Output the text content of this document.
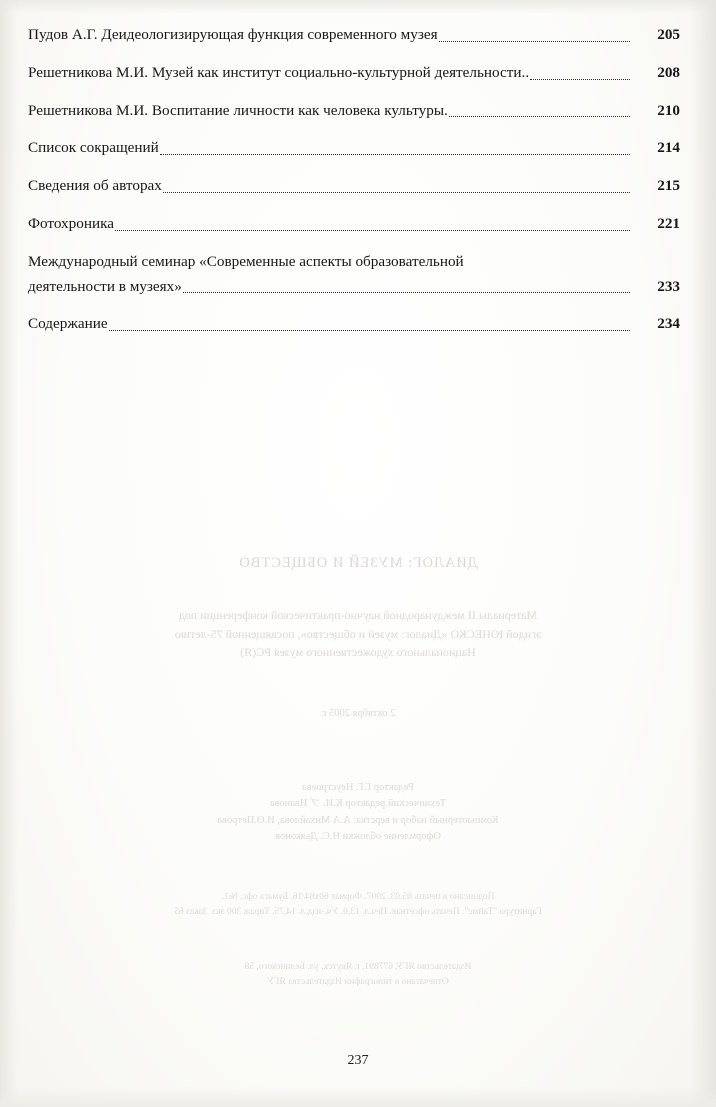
Пудов А.Г. Деидеологизирующая функция современного музея	205
Решетникова М.И. Музей как институт социально-культурной деятельности..	208
Решетникова М.И. Воспитание личности как человека культуры.	210
Список сокращений	214
Сведения об авторах	215
Фотохроника	221
Международный семинар «Современные аспекты образовательной
деятельности в музеях»	233
Содержание	234
ДИАЛОГ: МУЗЕЙ И ОБЩЕСТВО
Материалы II международной научно-практической конференции под
эгидой ЮНЕСКО «Диалог: музей и общество», посвященной 75-летию
Национального художественного музея РС(Я)
2 октября 2005 г.
Редактор Г.Г. Неустроева
Технический редактор К.И. プ Иванова
Компьютерный набор и верстка: А.А Михайлова, И.О.Петрова
Оформление обложки Н.С. Дьяконов
Подписано в печать 05.03. 2007. Формат 60х84/16. Бумага офс. №1.
Гарнитура "Таймс". Печать офсетная. Печ.л. 13,0. Уч.-изд.л. 14,75. Тираж 300 экз. Заказ 65
Издательство ЯГУ, 677891, г. Якутск, ул. Белинского, 58
Отпечатано в типографии Издательства ЯГУ
237
